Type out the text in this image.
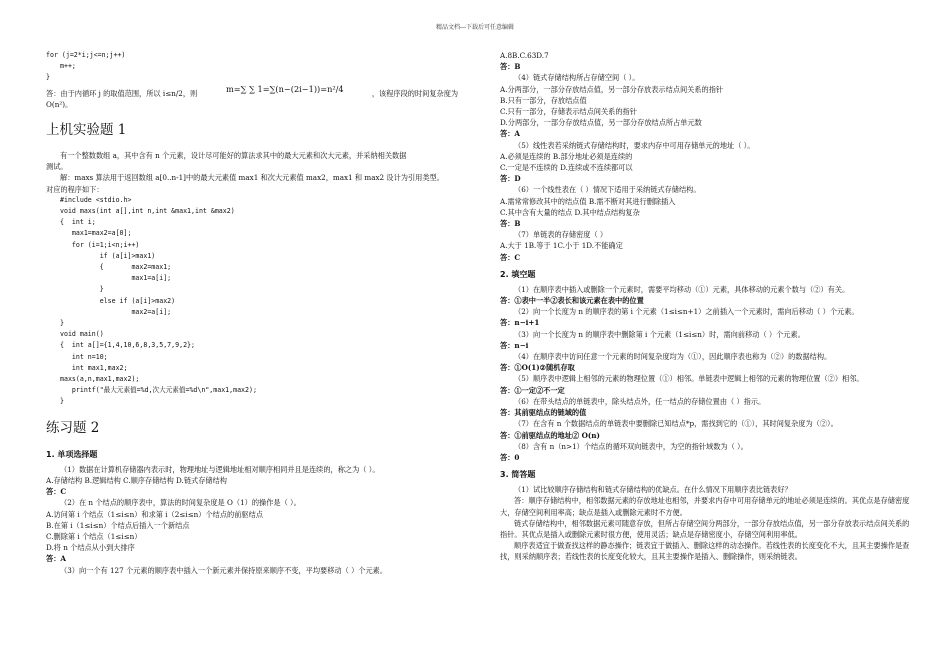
精品文档---下载后可任意编辑
for (j=2*i;j<=n;j++)
m++;
}
m=∑ ∑ 1=∑(n−(2i−1))=n²/4

答：由于内循环 j 的取值范围，所以 i≤n/2，则	，该程序段的时间复杂度为

O(n²)。

上机实验题 1

有一个整数数组 a，其中含有 n 个元素，设计尽可能好的算法求其中的最大元素和次大元素，并采纳相关数据

测试。

解：maxs 算法用于返回数组 a[0..n-1]中的最大元素值 max1 和次大元素值 max2，max1 和 max2 设计为引用类型。

对应的程序如下：

#include <stdio.h>
void maxs(int a[],int n,int &max1,int &max2)
{  int i;
max1=max2=a[0];
for (i=1;i<n;i++)
if (a[i]>max1)
{       max2=max1;
max1=a[i];
}
else if (a[i]>max2)
max2=a[i];
}
void main()
{  int a[]={1,4,10,6,8,3,5,7,9,2};
int n=10;
int max1,max2;
maxs(a,n,max1,max2);
printf("最大元素值=%d,次大元素值=%d\n",max1,max2);
}
练习题 2
1. 单项选择题

（1）数据在计算机存储器内表示时，物理地址与逻辑地址相对顺序相同并且是连续的，称之为（ ）。

A.存储结构 B.逻辑结构 C.顺序存储结构 D.链式存储结构

答：C

（2）在 n 个结点的顺序表中，算法的时间复杂度是 O（1）的操作是（ ）。

A.访问第 i 个结点（1≤i≤n）和求第 i（2≤i≤n）个结点的前驱结点

B.在第 i（1≤i≤n）个结点后插入一个新结点

C.删除第 i 个结点（1≤i≤n）

D.将 n 个结点从小到大排序

答：A

（3）向一个有 127 个元素的顺序表中插入一个新元素并保持原来顺序不变，平均要移动（ ）个元素。

A.8B.C.63D.7

答：B

（4）链式存储结构所占存储空间（ ）。

A.分两部分，一部分存放结点值，另一部分存放表示结点间关系的指针

B.只有一部分，存放结点值

C.只有一部分，存储表示结点间关系的指针

D.分两部分，一部分存放结点值，另一部分存放结点所占单元数

答：A

（5）线性表若采纳链式存储结构时，要求内存中可用存储单元的地址（ ）。

A.必须是连续的 B.部分地址必须是连续的

C.一定是不连续的 D.连续或不连续都可以

答：D

（6）一个线性表在（ ）情况下适用于采纳链式存储结构。

A.需常常修改其中的结点值 B.需不断对其进行删除插入

C.其中含有大量的结点 D.其中结点结构复杂

答：B

（7）单链表的存储密度（ ）

A.大于 1B.等于 1C.小于 1D.不能确定

答：C

2. 填空题

（1）在顺序表中插入或删除一个元素时，需要平均移动（①）元素，具体移动的元素个数与（②）有关。

答：①表中一半②表长和该元素在表中的位置

（2）向一个长度为 n 的顺序表的第 i 个元素（1≤i≤n+1）之前插入一个元素时，需向后移动（ ）个元素。

答：n−i+1

（3）向一个长度为 n 的顺序表中删除第 i 个元素（1≤i≤n）时，需向前移动（ ）个元素。

答：n−i

（4）在顺序表中访问任意一个元素的时间复杂度均为（①），因此顺序表也称为（②）的数据结构。

答：①O(1)②随机存取

（5）顺序表中逻辑上相邻的元素的物理位置（①）相邻。单链表中逻辑上相邻的元素的物理位置（②）相邻。

答：①一定②不一定

（6）在带头结点的单链表中，除头结点外，任一结点的存储位置由（ ）指示。

答：其前驱结点的链域的值

（7）在含有 n 个数据结点的单链表中要删除已知结点*p，需找到它的（①），其时间复杂度为（②）。

答：①前驱结点的地址② O(n)

（8）含有 n（n>1）个结点的循环双向链表中，为空的指针域数为（ ）。

答：0

3. 简答题

（1）试比较顺序存储结构和链式存储结构的优缺点。在什么情况下用顺序表比链表好？

答：顺序存储结构中，相邻数据元素的存放地址也相邻，并要求内存中可用存储单元的地址必须是连续的。其优点是存储密度大，存储空间利用率高；缺点是插入或删除元素时不方便。

链式存储结构中，相邻数据元素可随意存放，但所占存储空间分两部分，一部分存放结点值，另一部分存放表示结点间关系的指针。其优点是插入或删除元素时很方便，使用灵活；缺点是存储密度小，存储空间利用率低。

顺序表适宜于做查找这样的静态操作；链表宜于做插入、删除这样的动态操作。若线性表的长度变化不大，且其主要操作是查找，则采纳顺序表；若线性表的长度变化较大，且其主要操作是插入、删除操作，则采纳链表。
